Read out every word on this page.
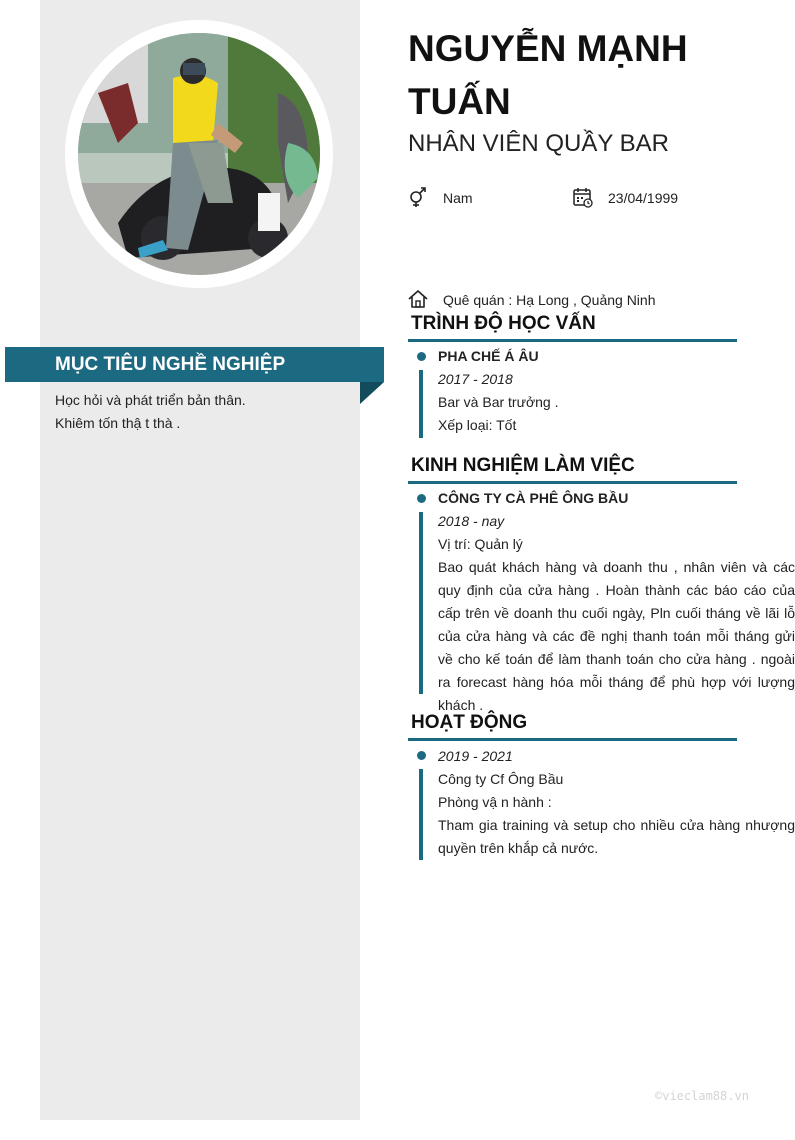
MỤC TIÊU NGHỀ NGHIỆP
Học hỏi và phát triển bản thân.
Khiêm tốn thậ t thà .
NGUYỄN MẠNH TUẤN
NHÂN VIÊN QUẦY BAR
Nam	23/04/1999
Quê quán : Hạ Long , Quảng Ninh
TRÌNH ĐỘ HỌC VẤN
PHA CHẾ Á ÂU
2017 - 2018
Bar và Bar trưởng .
Xếp loại: Tốt
KINH NGHIỆM LÀM VIỆC
CÔNG TY CÀ PHÊ ÔNG BẦU
2018 - nay
Vị trí: Quản lý
Bao quát khách hàng và doanh thu , nhân viên và các quy định của cửa hàng . Hoàn thành các báo cáo của cấp trên về doanh thu cuối ngày, Pln cuối tháng về lãi lỗ của cửa hàng và các đề nghị thanh toán mỗi tháng gửi về cho kế toán để làm thanh toán cho cửa hàng . ngoài ra forecast hàng hóa mỗi tháng để phù hợp với lượng khách .
HOẠT ĐỘNG
2019 - 2021
Công ty Cf Ông Bầu
Phòng vậ n hành :
Tham gia training và setup cho nhiều cửa hàng nhượng quyền trên khắp cả nước.
©vieclam88.vn
